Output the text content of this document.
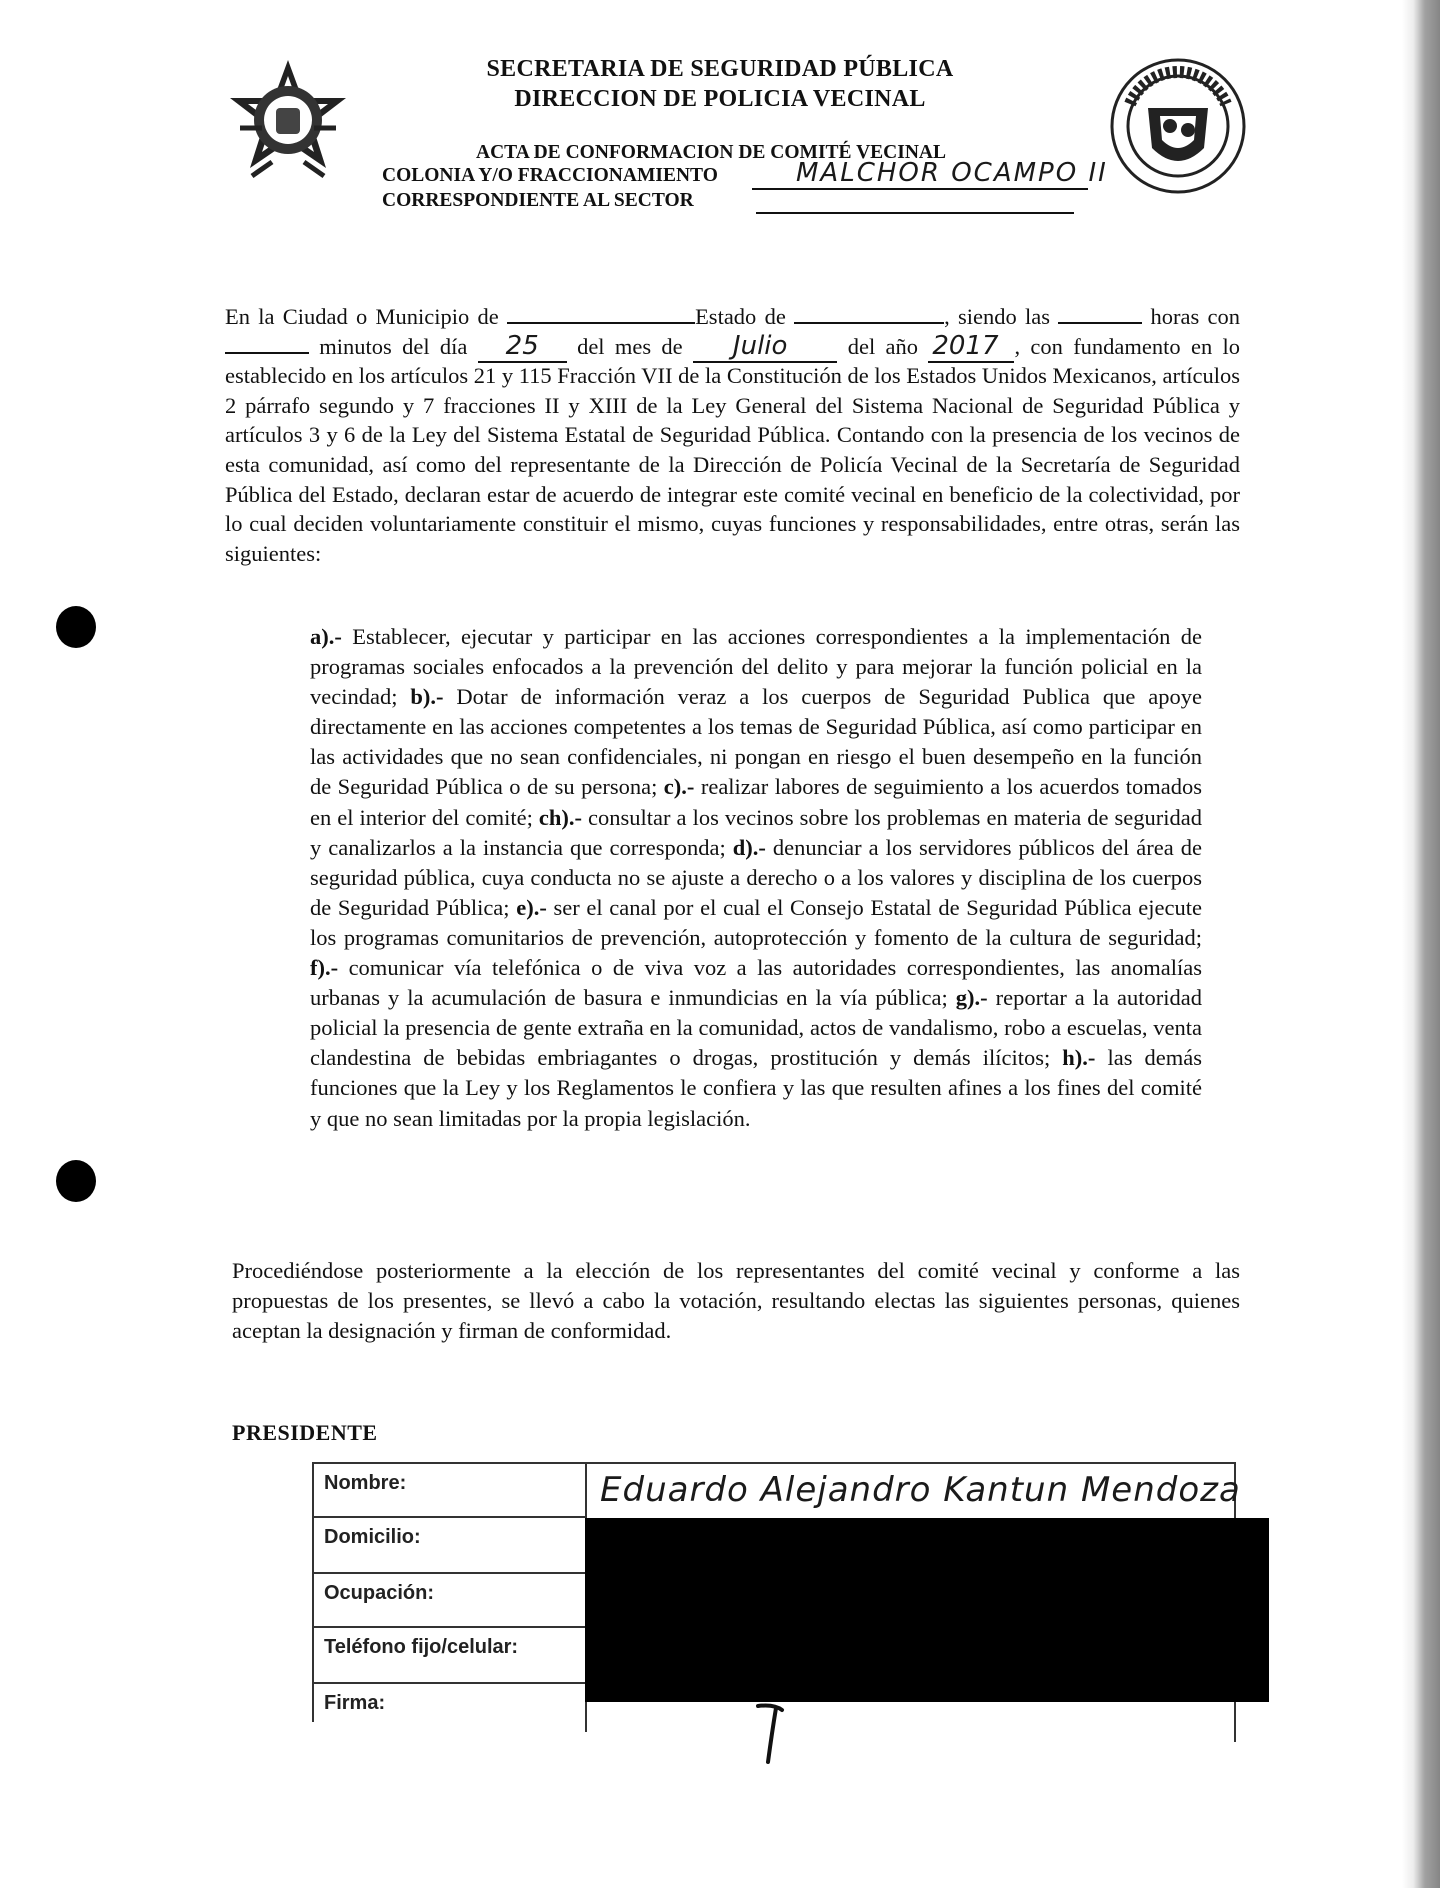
SECRETARIA DE SEGURIDAD PÚBLICA
DIRECCION DE POLICIA VECINAL
ACTA DE CONFORMACION DE COMITÉ VECINAL
COLONIA Y/O FRACCIONAMIENTO	MALCHOR OCAMPO II
CORRESPONDIENTE AL SECTOR
En la Ciudad o Municipio de	Estado de	, siendo las	horas con  minutos del día 25 del mes de Julio	del año 2017 , con fundamento en lo establecido en los artículos 21 y 115 Fracción VII de la Constitución de los Estados Unidos Mexicanos, artículos 2 párrafo segundo y 7 fracciones II y XIII de la Ley General del Sistema Nacional de Seguridad Pública y artículos 3 y 6 de la Ley del Sistema Estatal de Seguridad Pública. Contando con la presencia de los vecinos de esta comunidad, así como del representante de la Dirección de Policía Vecinal de la Secretaría de Seguridad Pública del Estado, declaran estar de acuerdo de integrar este comité vecinal en beneficio de la colectividad, por lo cual deciden voluntariamente constituir el mismo, cuyas funciones y responsabilidades, entre otras, serán las siguientes:
a).- Establecer, ejecutar y participar en las acciones correspondientes a la implementación de programas sociales enfocados a la prevención del delito y para mejorar la función policial en la vecindad; b).- Dotar de información veraz a los cuerpos de Seguridad Publica que apoye directamente en las acciones competentes a los temas de Seguridad Pública, así como participar en las actividades que no sean confidenciales, ni pongan en riesgo el buen desempeño en la función de Seguridad Pública o de su persona; c).- realizar labores de seguimiento a los acuerdos tomados en el interior del comité; ch).- consultar a los vecinos sobre los problemas en materia de seguridad y canalizarlos a la instancia que corresponda; d).- denunciar a los servidores públicos del área de seguridad pública, cuya conducta no se ajuste a derecho o a los valores y disciplina de los cuerpos de Seguridad Pública; e).- ser el canal por el cual el Consejo Estatal de Seguridad Pública ejecute los programas comunitarios de prevención, autoprotección y fomento de la cultura de seguridad; f).- comunicar vía telefónica o de viva voz a las autoridades correspondientes, las anomalías urbanas y la acumulación de basura e inmundicias en la vía pública; g).- reportar a la autoridad policial la presencia de gente extraña en la comunidad, actos de vandalismo, robo a escuelas, venta clandestina de bebidas embriagantes o drogas, prostitución y demás ilícitos; h).- las demás funciones que la Ley y los Reglamentos le confiera y las que resulten afines a los fines del comité y que no sean limitadas por la propia legislación.
Procediéndose posteriormente a la elección de los representantes del comité vecinal y conforme a las propuestas de los presentes, se llevó a cabo la votación, resultando electas las siguientes personas, quienes aceptan la designación y firman de conformidad.
PRESIDENTE
Nombre:	Eduardo Alejandro Kantun Mendoza
Domicilio:
Ocupación:
Teléfono fijo/celular:
Firma:
